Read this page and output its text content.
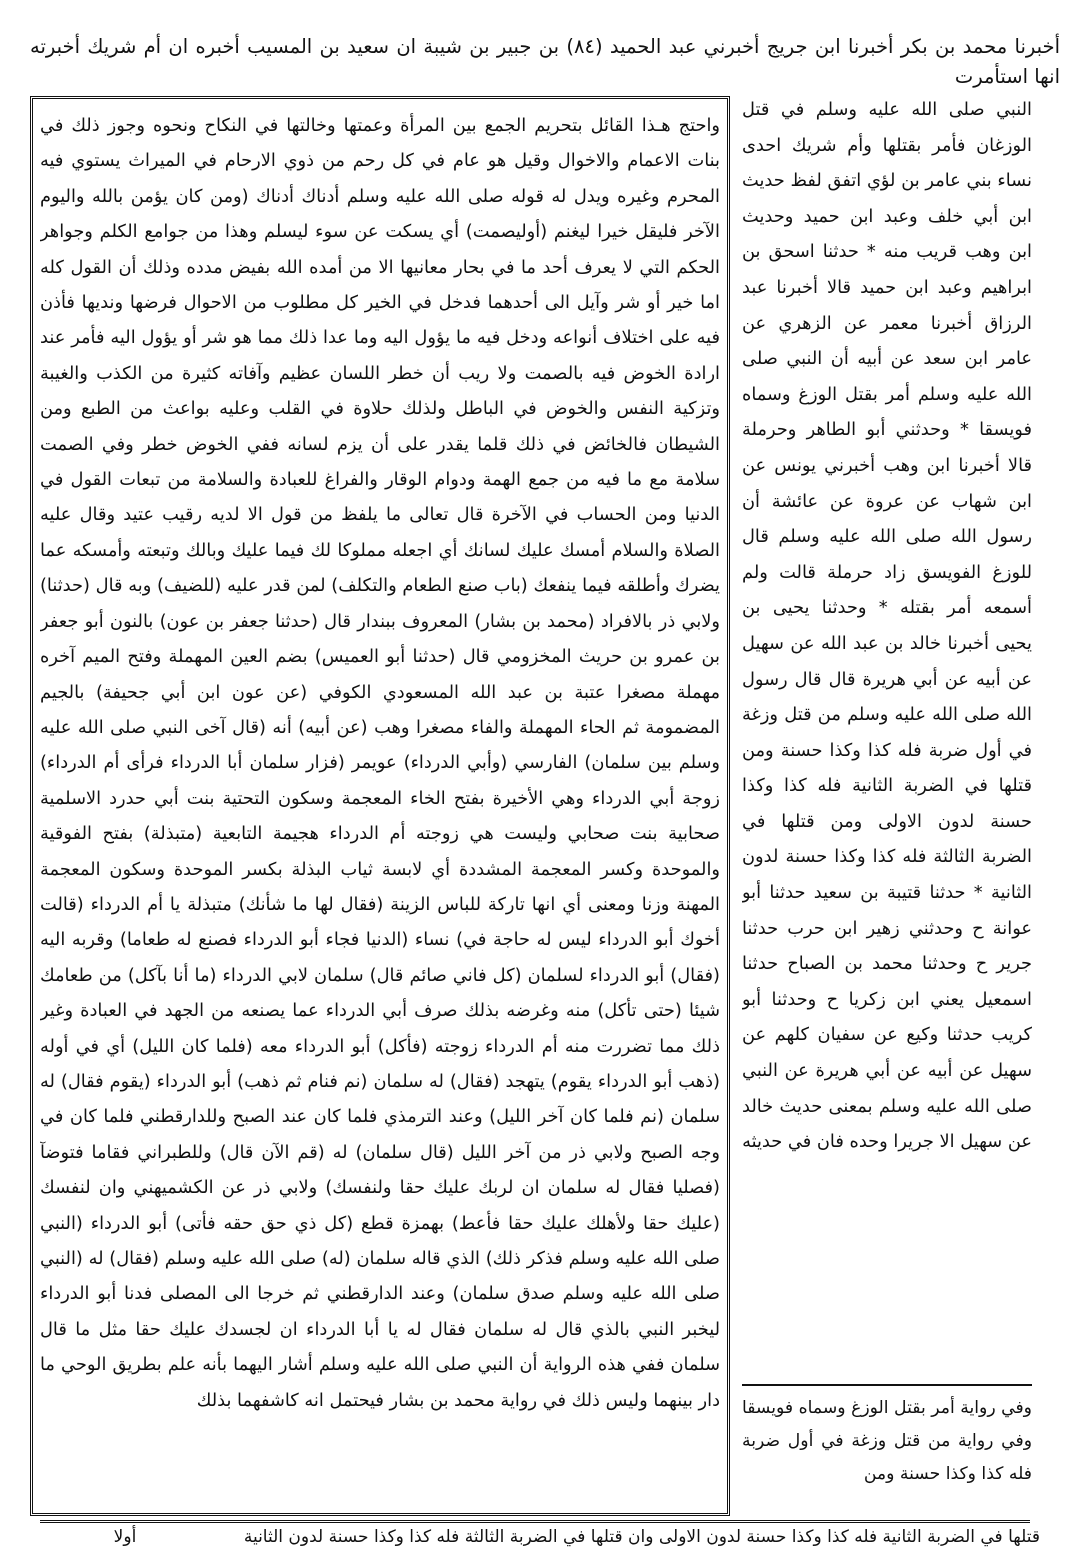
أخبرنا محمد بن بكر أخبرنا ابن جريج أخبرني عبد الحميد (٨٤) بن جبير بن شيبة ان سعيد بن المسيب أخبره ان أم شريك أخبرته انها استأمرت

واحتج هـذا القائل بتحريم الجمع بين المرأة وعمتها وخالتها في النكاح ونحوه وجوز ذلك في بنات الاعمام والاخوال وقيل هو عام في كل رحم من ذوي الارحام في الميراث يستوي فيه المحرم وغيره ويدل له قوله صلى الله عليه وسلم أدناك أدناك (ومن كان يؤمن بالله واليوم الآخر فليقل خيرا ليغنم (أوليصمت) أي يسكت عن سوء ليسلم وهذا من جوامع الكلم وجواهر الحكم التي لا يعرف أحد ما في بحار معانيها الا من أمده الله بفيض مدده وذلك أن القول كله اما خير أو شر وآيل الى أحدهما فدخل في الخير كل مطلوب من الاحوال فرضها ونديها فأذن فيه على اختلاف أنواعه ودخل فيه ما يؤول اليه وما عدا ذلك مما هو شر أو يؤول اليه فأمر عند ارادة الخوض فيه بالصمت ولا ريب أن خطر اللسان عظيم وآفاته كثيرة من الكذب والغيبة وتزكية النفس والخوض في الباطل ولذلك حلاوة في القلب وعليه بواعث من الطبع ومن الشيطان فالخائض في ذلك قلما يقدر على أن يزم لسانه ففي الخوض خطر وفي الصمت سلامة مع ما فيه من جمع الهمة ودوام الوقار والفراغ للعبادة والسلامة من تبعات القول في الدنيا ومن الحساب في الآخرة قال تعالى ما يلفظ من قول الا لديه رقيب عتيد وقال عليه الصلاة والسلام أمسك عليك لسانك أي اجعله مملوكا لك فيما عليك وبالك وتبعته وأمسكه عما يضرك وأطلقه فيما ينفعك (باب صنع الطعام والتكلف) لمن قدر عليه (للضيف) وبه قال (حدثنا) ولابي ذر بالافراد (محمد بن بشار) المعروف ببندار قال (حدثنا جعفر بن عون) بالنون أبو جعفر بن عمرو بن حريث المخزومي قال (حدثنا أبو العميس) بضم العين المهملة وفتح الميم آخره مهملة مصغرا عتبة بن عبد الله المسعودي الكوفي (عن عون ابن أبي جحيفة) بالجيم المضمومة ثم الحاء المهملة والفاء مصغرا وهب (عن أبيه) أنه (قال آخى النبي صلى الله عليه وسلم بين سلمان) الفارسي (وأبي الدرداء) عويمر (فزار سلمان أبا الدرداء فرأى أم الدرداء) زوجة أبي الدرداء وهي الأخيرة بفتح الخاء المعجمة وسكون التحتية بنت أبي حدرد الاسلمية صحابية بنت صحابي وليست هي زوجته أم الدرداء هجيمة التابعية (متبذلة) بفتح الفوقية والموحدة وكسر المعجمة المشددة أي لابسة ثياب البذلة بكسر الموحدة وسكون المعجمة المهنة وزنا ومعنى أي انها تاركة للباس الزينة (فقال لها ما شأنك) متبذلة يا أم الدرداء (قالت أخوك أبو الدرداء ليس له حاجة في) نساء (الدنيا فجاء أبو الدرداء فصنع له طعاما) وقربه اليه (فقال) أبو الدرداء لسلمان (كل فاني صائم قال) سلمان لابي الدرداء (ما أنا بآكل) من طعامك شيئا (حتى تأكل) منه وغرضه بذلك صرف أبي الدرداء عما يصنعه من الجهد في العبادة وغير ذلك مما تضررت منه أم الدرداء زوجته (فأكل) أبو الدرداء معه (فلما كان الليل) أي في أوله (ذهب أبو الدرداء يقوم) يتهجد (فقال) له سلمان (نم فنام ثم ذهب) أبو الدرداء (يقوم فقال) له سلمان (نم فلما كان آخر الليل) وعند الترمذي فلما كان عند الصبح وللدارقطني فلما كان في وجه الصبح ولابي ذر من آخر الليل (قال سلمان) له (قم الآن قال) وللطبراني فقاما فتوضآ (فصليا فقال له سلمان ان لربك عليك حقا ولنفسك) ولابي ذر عن الكشميهني وان لنفسك (عليك حقا ولأهلك عليك حقا فأعط) بهمزة قطع (كل ذي حق حقه فأتى) أبو الدرداء (النبي صلى الله عليه وسلم فذكر ذلك) الذي قاله سلمان (له) صلى الله عليه وسلم (فقال) له (النبي صلى الله عليه وسلم صدق سلمان) وعند الدارقطني ثم خرجا الى المصلى فدنا أبو الدرداء ليخبر النبي بالذي قال له سلمان فقال له يا أبا الدرداء ان لجسدك عليك حقا مثل ما قال سلمان ففي هذه الرواية أن النبي صلى الله عليه وسلم أشار اليهما بأنه علم بطريق الوحي ما دار بينهما وليس ذلك في رواية محمد بن بشار فيحتمل انه كاشفهما بذلك

النبي صلى الله عليه وسلم في قتل الوزغان فأمر بقتلها وأم شريك احدى نساء بني عامر بن لؤي اتفق لفظ حديث ابن أبي خلف وعبد ابن حميد وحديث ابن وهب قريب منه * حدثنا اسحق بن ابراهيم وعبد ابن حميد قالا أخبرنا عبد الرزاق أخبرنا معمر عن الزهري عن عامر ابن سعد عن أبيه أن النبي صلى الله عليه وسلم أمر بقتل الوزغ وسماه فويسقا * وحدثني أبو الطاهر وحرملة قالا أخبرنا ابن وهب أخبرني يونس عن ابن شهاب عن عروة عن عائشة أن رسول الله صلى الله عليه وسلم قال للوزغ الفويسق زاد حرملة قالت ولم أسمعه أمر بقتله * وحدثنا يحيى بن يحيى أخبرنا خالد بن عبد الله عن سهيل عن أبيه عن أبي هريرة قال قال رسول الله صلى الله عليه وسلم من قتل وزغة في أول ضربة فله كذا وكذا حسنة ومن قتلها في الضربة الثانية فله كذا وكذا حسنة لدون الاولى ومن قتلها في الضربة الثالثة فله كذا وكذا حسنة لدون الثانية * حدثنا قتيبة بن سعيد حدثنا أبو عوانة ح وحدثني زهير ابن حرب حدثنا جرير ح وحدثنا محمد بن الصباح حدثنا اسمعيل يعني ابن زكريا ح وحدثنا أبو كريب حدثنا وكيع عن سفيان كلهم عن سهيل عن أبيه عن أبي هريرة عن النبي صلى الله عليه وسلم بمعنى حديث خالد عن سهيل الا جريرا وحده فان في حديثه

وفي رواية أمر بقتل الوزغ وسماه فويسقا وفي رواية من قتل وزغة في أول ضربة فله كذا وكذا حسنة ومن
قتلها في الضربة الثانية فله كذا وكذا حسنة لدون الاولى وان قتلها في الضربة الثالثة فله كذا وكذا حسنة لدون الثانية
أولا
